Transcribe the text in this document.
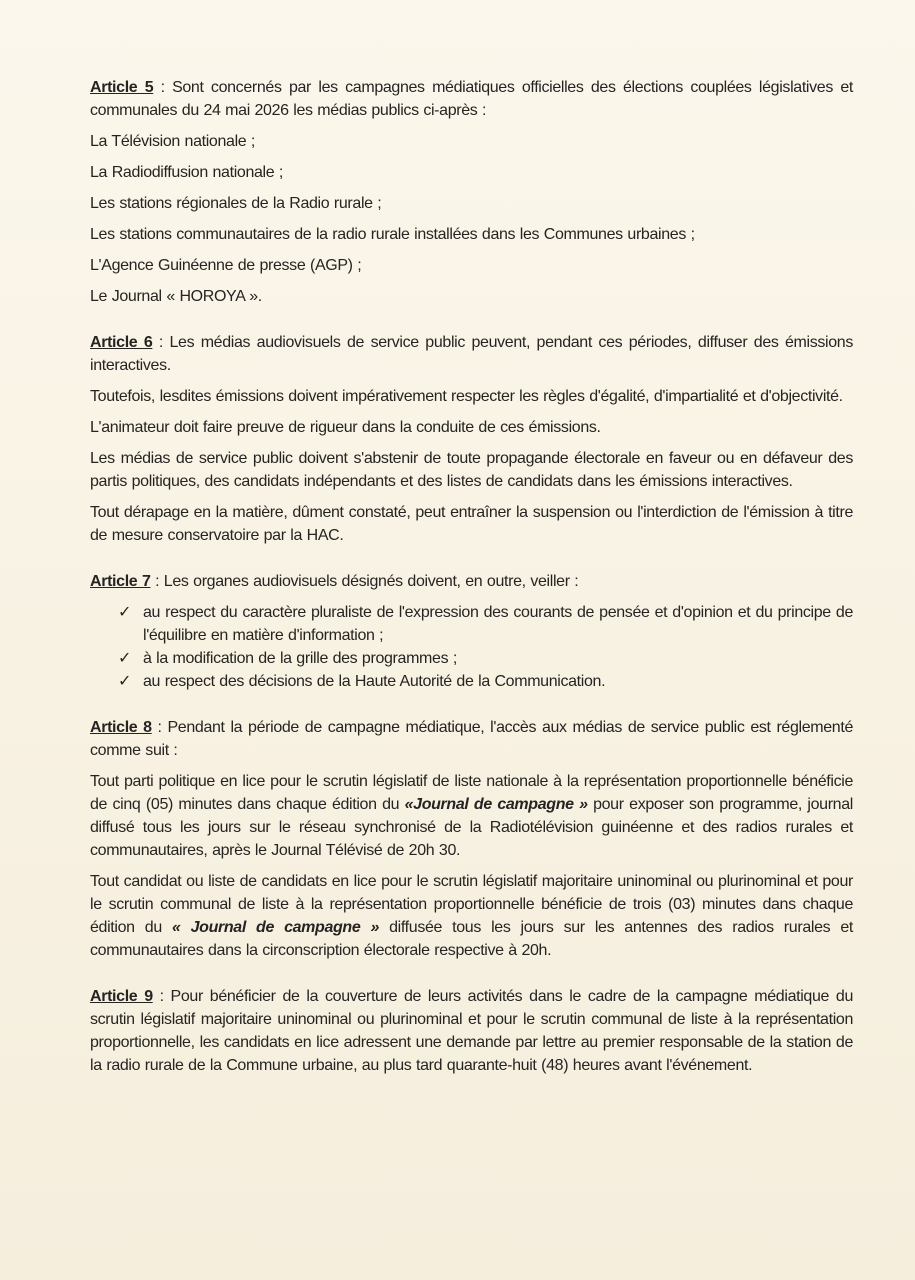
Article 5 : Sont concernés par les campagnes médiatiques officielles des élections couplées législatives et communales du 24 mai 2026 les médias publics ci-après :

La Télévision nationale ;

La Radiodiffusion nationale ;

Les stations régionales de la Radio rurale ;

Les stations communautaires de la radio rurale installées dans les Communes urbaines ;

L'Agence Guinéenne de presse (AGP) ;

Le Journal « HOROYA ».

Article 6 : Les médias audiovisuels de service public peuvent, pendant ces périodes, diffuser des émissions interactives.

Toutefois, lesdites émissions doivent impérativement respecter les règles d'égalité, d'impartialité et d'objectivité.

L'animateur doit faire preuve de rigueur dans la conduite de ces émissions.

Les médias de service public doivent s'abstenir de toute propagande électorale en faveur ou en défaveur des partis politiques, des candidats indépendants et des listes de candidats dans les émissions interactives.

Tout dérapage en la matière, dûment constaté, peut entraîner la suspension ou l'interdiction de l'émission à titre de mesure conservatoire par la HAC.

Article 7 : Les organes audiovisuels désignés doivent, en outre, veiller :

✓ au respect du caractère pluraliste de l'expression des courants de pensée et d'opinion et du principe de l'équilibre en matière d'information ;
✓ à la modification de la grille des programmes ;
✓ au respect des décisions de la Haute Autorité de la Communication.

Article 8 : Pendant la période de campagne médiatique, l'accès aux médias de service public est réglementé comme suit :

Tout parti politique en lice pour le scrutin législatif de liste nationale à la représentation proportionnelle bénéficie de cinq (05) minutes dans chaque édition du «Journal de campagne » pour exposer son programme, journal diffusé tous les jours sur le réseau synchronisé de la Radiotélévision guinéenne et des radios rurales et communautaires, après le Journal Télévisé de 20h 30.

Tout candidat ou liste de candidats en lice pour le scrutin législatif majoritaire uninominal ou plurinominal et pour le scrutin communal de liste à la représentation proportionnelle bénéficie de trois (03) minutes dans chaque édition du « Journal de campagne » diffusée tous les jours sur les antennes des radios rurales et communautaires dans la circonscription électorale respective à 20h.

Article 9 : Pour bénéficier de la couverture de leurs activités dans le cadre de la campagne médiatique du scrutin législatif majoritaire uninominal ou plurinominal et pour le scrutin communal de liste à la représentation proportionnelle, les candidats en lice adressent une demande par lettre au premier responsable de la station de la radio rurale de la Commune urbaine, au plus tard quarante-huit (48) heures avant l'événement.
